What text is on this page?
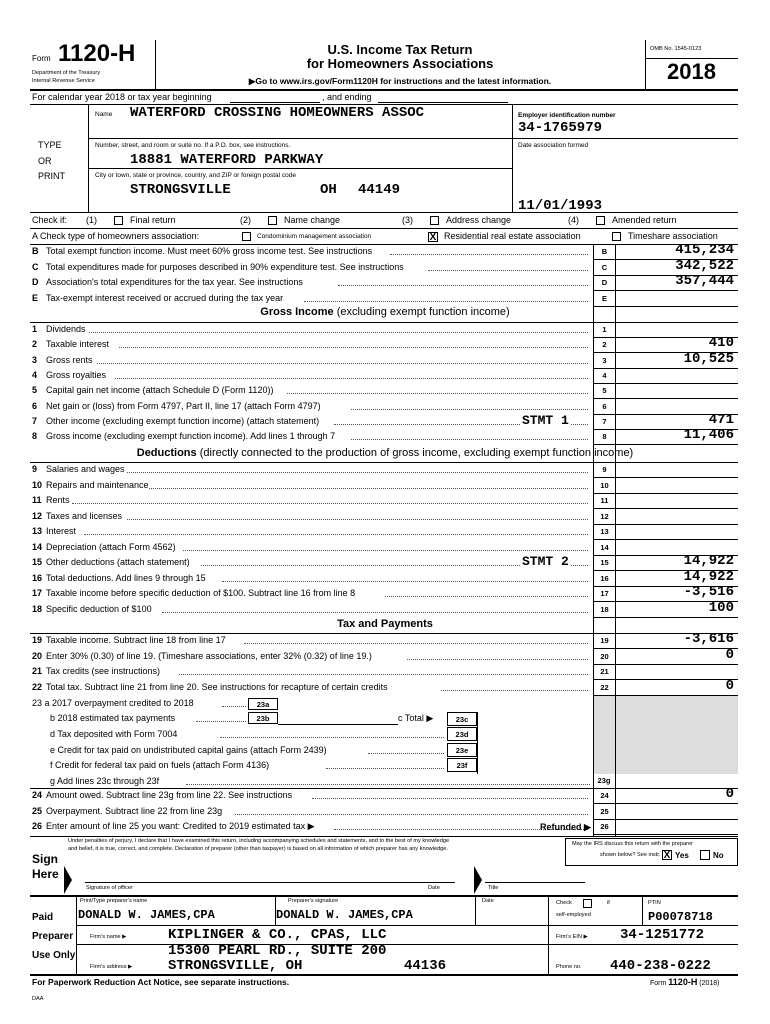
Form 1120-H
Department of the Treasury
Internal Revenue Service
U.S. Income Tax Return
for Homeowners Associations
▶Go to www.irs.gov/Form1120H for instructions and the latest information.
OMB No. 1545-0123
2018
For calendar year 2018 or tax year beginning	, and ending
TYPE
OR
PRINT
Name WATERFORD CROSSING HOMEOWNERS ASSOC
Number, street, and room or suite no. If a P.O. box, see instructions.
18881 WATERFORD PARKWAY
City or town, state or province, country, and ZIP or foreign postal code
STRONGSVILLE	OH 44149
Employer identification number
34-1765979
Date association formed
11/01/1993
Check if: (1)	Final return	(2)	Name change	(3)	Address change	(4)	Amended return
A Check type of homeowners association:	Condominium management association	X Residential real estate association	Timeshare association
B Total exempt function income. Must meet 60% gross income test. See instructions	B	415,234
C Total expenditures made for purposes described in 90% expenditure test. See instructions	C	342,522
D Association's total expenditures for the tax year. See instructions	D	357,444
E Tax-exempt interest received or accrued during the tax year	E
1 Dividends	1
2 Taxable interest	2	410
3 Gross rents	3	10,525
4 Gross royalties	4
5 Capital gain net income (attach Schedule D (Form 1120))	5
6 Net gain or (loss) from Form 4797, Part II, line 17 (attach Form 4797)	6
7 Other income (excluding exempt function income) (attach statement)	STMT 1	7	471
8 Gross income (excluding exempt function income). Add lines 1 through 7	8	11,406
9 Salaries and wages	9
10 Repairs and maintenance	10
11 Rents	11
12 Taxes and licenses	12
13 Interest	13
14 Depreciation (attach Form 4562)	14
15 Other deductions (attach statement)	STMT 2	15	14,922
16 Total deductions. Add lines 9 through 15	16	14,922
17 Taxable income before specific deduction of $100. Subtract line 16 from line 8	17	-3,516
18 Specific deduction of $100	18	100
19 Taxable income. Subtract line 18 from line 17	19	-3,616
20 Enter 30% (0.30) of line 19. (Timeshare associations, enter 32% (0.32) of line 19.)	20	0
21 Tax credits (see instructions)	21
22 Total tax. Subtract line 21 from line 20. See instructions for recapture of certain credits	22	0
24 Amount owed. Subtract line 23g from line 22. See instructions	24	0
25 Overpayment. Subtract line 22 from line 23g	25
26 Enter amount of line 25 you want: Credited to 2019 estimated tax ▶	26
Gross Income (excluding exempt function income)
Deductions (directly connected to the production of gross income, excluding exempt function income)
Tax and Payments
23 a 2017 overpayment credited to 2018	23a
b 2018 estimated tax payments	23b	c Total ▶	23c
d Tax deposited with Form 7004	23d
e Credit for tax paid on undistributed capital gains (attach Form 2439)	23e
f Credit for federal tax paid on fuels (attach Form 4136)	23f
g Add lines 23c through 23f	23g
Refunded ▶
Under penalties of perjury, I declare that I have examined this return, including accompanying schedules and statements, and to the best of my knowledge
and belief, it is true, correct, and complete. Declaration of preparer (other than taxpayer) is based on all information of which preparer has any knowledge.
Sign
Here
Signature of officer	Date	Title
May the IRS discuss this return with the preparer
shown below? See instr. X Yes	No
Paid
Preparer
Use Only
Print/Type preparer's name
DONALD W. JAMES,CPA
Preparer's signature
DONALD W. JAMES,CPA
Date	Check	if
self-employed
PTIN
P00078718
Firm's name ▶	KIPLINGER & CO., CPAS, LLC	Firm's EIN ▶ 34-1251772
15300 PEARL RD., SUITE 200
Firm's address ▶	STRONGSVILLE, OH	44136	Phone no. 440-238-0222
For Paperwork Reduction Act Notice, see separate instructions.	Form 1120-H (2018)
DAA
